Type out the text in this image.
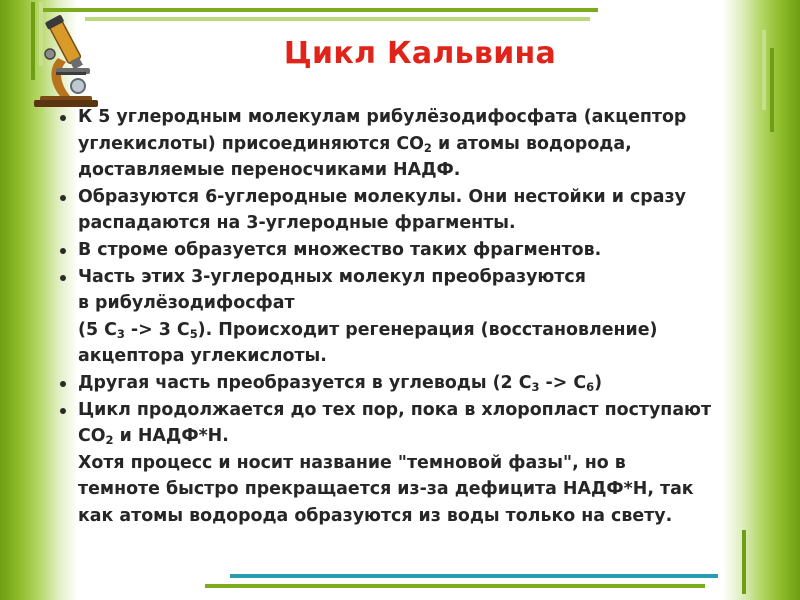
Цикл Кальвина
К 5 углеродным молекулам рибулёзодифосфата (акцептор
углекислоты) присоединяются $СО_2$ и атомы водорода,
доставляемые переносчиками НАДФ.
Образуются 6-углеродные молекулы. Они нестойки и сразу
распадаются на 3-углеродные фрагменты.
В строме образуется множество таких фрагментов.
Часть этих 3-углеродных молекул преобразуются
в рибулёзодифосфат
(5 $С_3 -> 3$ $С_5$). Происходит регенерация (восстановление)
акцептора углекислоты.
Другая часть преобразуется в углеводы (2 $С_3 -> С_6$)
Цикл продолжается до тех пор, пока в хлоропласт поступают
$СО_2$ и НАДФ*Н.
Хотя процесс и носит название "темновой фазы", но в
темноте быстро прекращается из-за дефицита НАДФ*Н, так
как атомы водорода образуются из воды только на свету.
